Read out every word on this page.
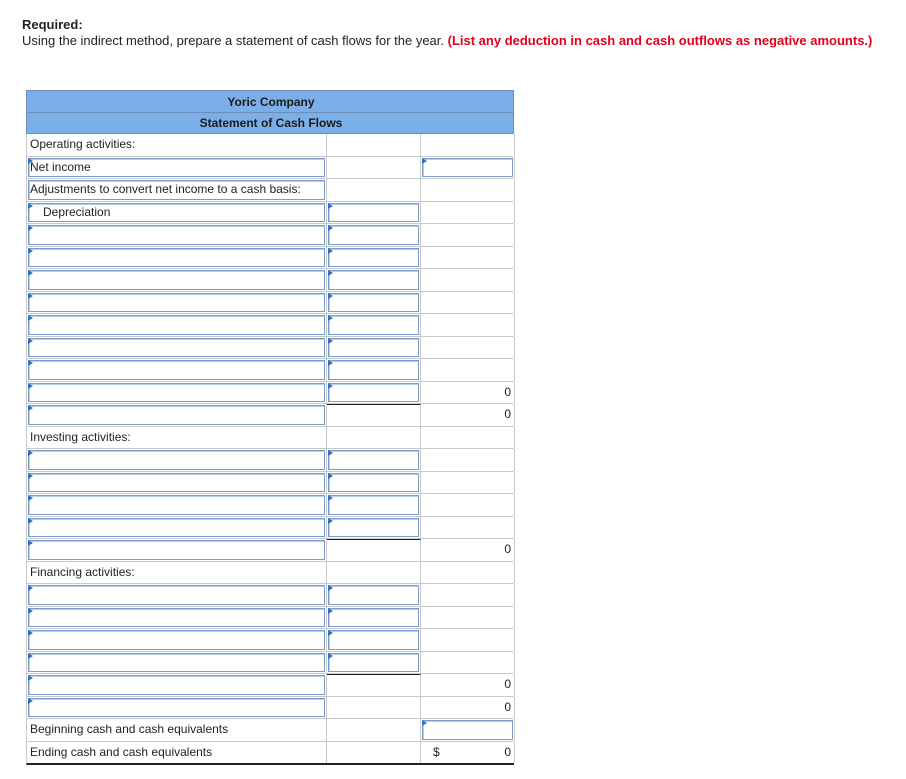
Required:
Using the indirect method, prepare a statement of cash flows for the year. (List any deduction in cash and cash outflows as negative amounts.)
Yoric Company
Statement of Cash Flows
Operating activities:
Net income
Adjustments to convert net income to a cash basis:
Depreciation
0
0
Investing activities:
0
Financing activities:
0
0
Beginning cash and cash equivalents
Ending cash and cash equivalents	$	0
